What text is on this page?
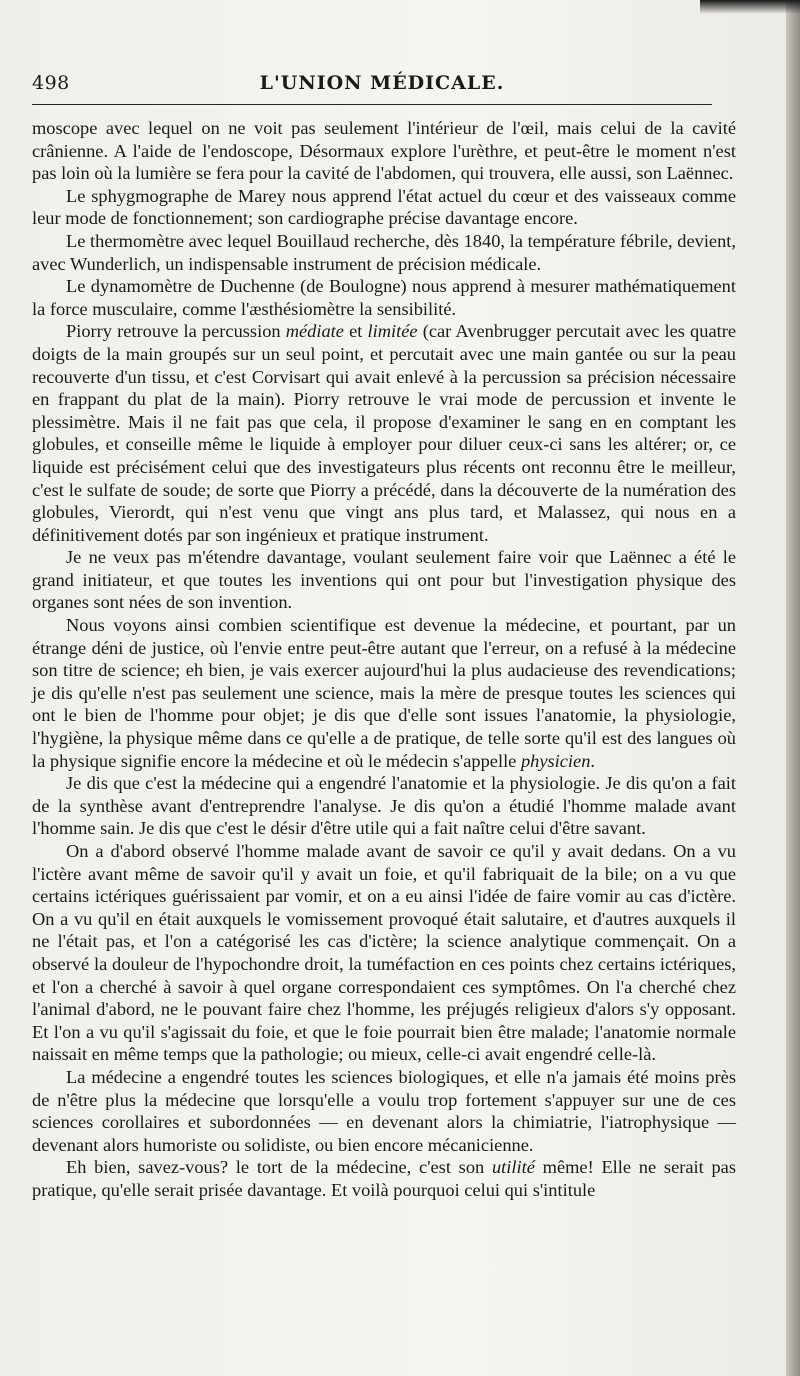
498	L'UNION MÉDICALE.

moscope avec lequel on ne voit pas seulement l'intérieur de l'œil, mais celui de la cavité crânienne. A l'aide de l'endoscope, Désormaux explore l'urèthre, et peut-être le moment n'est pas loin où la lumière se fera pour la cavité de l'abdomen, qui trouvera, elle aussi, son Laënnec.

Le sphygmographe de Marey nous apprend l'état actuel du cœur et des vaisseaux comme leur mode de fonctionnement; son cardiographe précise davantage encore.

Le thermomètre avec lequel Bouillaud recherche, dès 1840, la température fébrile, devient, avec Wunderlich, un indispensable instrument de précision médicale.

Le dynamomètre de Duchenne (de Boulogne) nous apprend à mesurer mathématiquement la force musculaire, comme l'æsthésiomètre la sensibilité.

Piorry retrouve la percussion médiate et limitée (car Avenbrugger percutait avec les quatre doigts de la main groupés sur un seul point, et percutait avec une main gantée ou sur la peau recouverte d'un tissu, et c'est Corvisart qui avait enlevé à la percussion sa précision nécessaire en frappant du plat de la main). Piorry retrouve le vrai mode de percussion et invente le plessimètre. Mais il ne fait pas que cela, il propose d'examiner le sang en en comptant les globules, et conseille même le liquide à employer pour diluer ceux-ci sans les altérer; or, ce liquide est précisément celui que des investigateurs plus récents ont reconnu être le meilleur, c'est le sulfate de soude; de sorte que Piorry a précédé, dans la découverte de la numération des globules, Vierordt, qui n'est venu que vingt ans plus tard, et Malassez, qui nous en a définitivement dotés par son ingénieux et pratique instrument.

Je ne veux pas m'étendre davantage, voulant seulement faire voir que Laënnec a été le grand initiateur, et que toutes les inventions qui ont pour but l'investigation physique des organes sont nées de son invention.

Nous voyons ainsi combien scientifique est devenue la médecine, et pourtant, par un étrange déni de justice, où l'envie entre peut-être autant que l'erreur, on a refusé à la médecine son titre de science; eh bien, je vais exercer aujourd'hui la plus audacieuse des revendications; je dis qu'elle n'est pas seulement une science, mais la mère de presque toutes les sciences qui ont le bien de l'homme pour objet; je dis que d'elle sont issues l'anatomie, la physiologie, l'hygiène, la physique même dans ce qu'elle a de pratique, de telle sorte qu'il est des langues où la physique signifie encore la médecine et où le médecin s'appelle physicien.

Je dis que c'est la médecine qui a engendré l'anatomie et la physiologie. Je dis qu'on a fait de la synthèse avant d'entreprendre l'analyse. Je dis qu'on a étudié l'homme malade avant l'homme sain. Je dis que c'est le désir d'être utile qui a fait naître celui d'être savant.

On a d'abord observé l'homme malade avant de savoir ce qu'il y avait dedans. On a vu l'ictère avant même de savoir qu'il y avait un foie, et qu'il fabriquait de la bile; on a vu que certains ictériques guérissaient par vomir, et on a eu ainsi l'idée de faire vomir au cas d'ictère. On a vu qu'il en était auxquels le vomissement provoqué était salutaire, et d'autres auxquels il ne l'était pas, et l'on a catégorisé les cas d'ictère; la science analytique commençait. On a observé la douleur de l'hypochondre droit, la tuméfaction en ces points chez certains ictériques, et l'on a cherché à savoir à quel organe correspondaient ces symptômes. On l'a cherché chez l'animal d'abord, ne le pouvant faire chez l'homme, les préjugés religieux d'alors s'y opposant. Et l'on a vu qu'il s'agissait du foie, et que le foie pourrait bien être malade; l'anatomie normale naissait en même temps que la pathologie; ou mieux, celle-ci avait engendré celle-là.

La médecine a engendré toutes les sciences biologiques, et elle n'a jamais été moins près de n'être plus la médecine que lorsqu'elle a voulu trop fortement s'appuyer sur une de ces sciences corollaires et subordonnées — en devenant alors la chimiatrie, l'iatrophysique — devenant alors humoriste ou solidiste, ou bien encore mécanicienne.

Eh bien, savez-vous? le tort de la médecine, c'est son utilité même! Elle ne serait pas pratique, qu'elle serait prisée davantage. Et voilà pourquoi celui qui s'intitule
